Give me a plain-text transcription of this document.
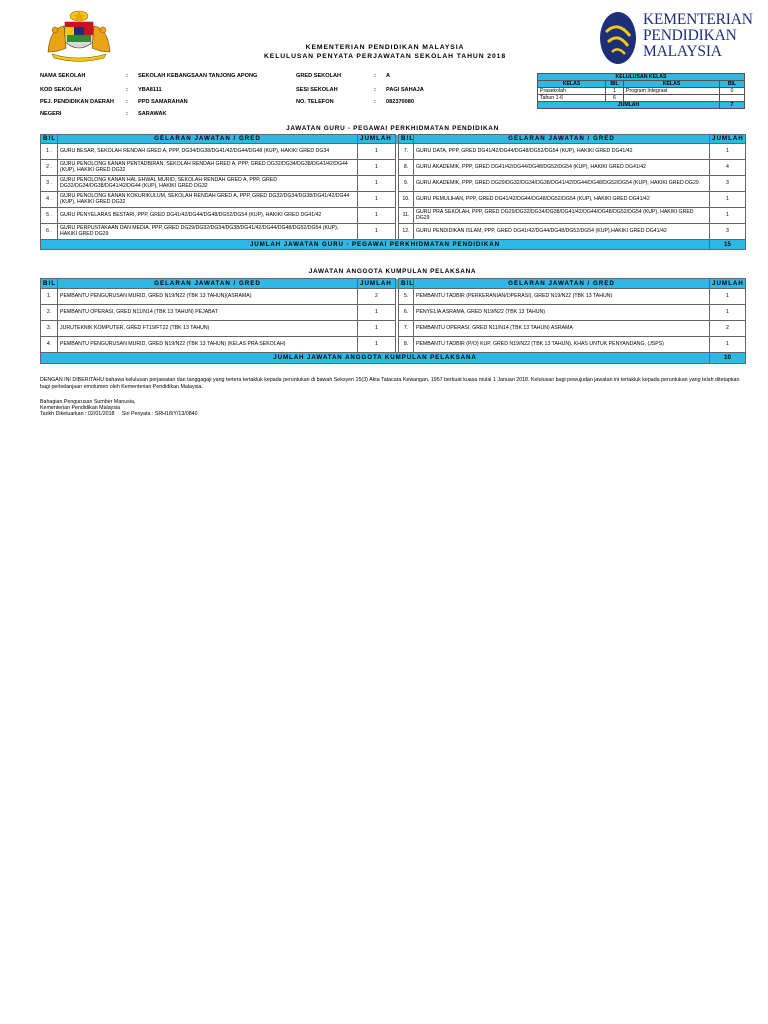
KEMENTERIAN
PENDIDIKAN
MALAYSIA
KEMENTERIAN PENDIDIKAN MALAYSIA
KELULUSAN PENYATA PERJAWATAN SEKOLAH TAHUN 2018
NAMA SEKOLAH	: SEKOLAH KEBANGSAAN TANJONG APONG
KOD SEKOLAH	: YBA8111
PEJ. PENDIDIKAN DAERAH : PPD SAMARAHAN
NEGERI	: SARAWAK
GRED SEKOLAH	: A
SESI SEKOLAH	: PAGI SAHAJA
NO. TELEFON	: 082370080
KELULUSAN KELAS			
KELAS	BIL	KELAS	BIL
Prasekolah	1	Program Integrasi	0
Tahun 1-6	6		
JUMLAH			7
JAWATAN GURU - PEGAWAI PERKHIDMATAN PENDIDIKAN
BIL	GELARAN JAWATAN / GRED	JUMLAH		BIL	GELARAN JAWATAN / GRED	JUMLAH
1 .	GURU BESAR, SEKOLAH RENDAH GRED A, PPP, DG34/DG38/DG41/42/DG44/DG48 (KUP), HAKIKI GRED DG34	1		7.	GURU DATA, PPP, GRED DG41/42/DG44/DG48/DG52/DG54 (KUP), HAKIKI GRED DG41/42	1
2 .	GURU PENOLONG KANAN PENTADBIRAN, SEKOLAH RENDAH GRED A, PPP, GRED DG32/DG34/DG38/DG41/42/DG44 (KUP), HAKIKI GRED DG32	1		8.	GURU AKADEMIK, PPP, GRED DG41/42/DG44/DG48/DG52/DG54 (KUP), HAKIKI GRED DG41/42	4
3 .	GURU PENOLONG KANAN HAL EHWAL MURID, SEKOLAH RENDAH GRED A, PPP, GRED DG32/DG34/DG38/DG41/42/DG44 (KUP), HAKIKI GRED DG32	1		9.	GURU AKADEMIK, PPP, GRED DG29/DG32/DG34/DG38/DG41/42/DG44/DG48/DG52/DG54 (KUP), HAKIKI GRED DG29	3
4 .	GURU PENOLONG KANAN KOKURIKULUM, SEKOLAH RENDAH GRED A, PPP, GRED DG32/DG34/DG38/DG41/42/DG44 (KUP), HAKIKI GRED DG32	1		10.	GURU PEMULIHAN, PPP, GRED DG41/42/DG44/DG48/DG52/DG54 (KUP), HAKIKI GRED DG41/42	1
5 .	GURU PENYELARAS BESTARI, PPP, GRED DG41/42/DG44/DG48/DG52/DG54 (KUP), HAKIKI GRED DG41/42	1		11.	GURU PRA SEKOLAH, PPP, GRED DG29/DG32/DG34/DG38/DG41/42/DG44/DG48/DG52/DG54 (KUP), HAKIKI GRED DG29	1
6 .	GURU PERPUSTAKAAN DAN MEDIA, PPP, GRED DG29/DG32/DG34/DG38/DG41/42/DG44/DG48/DG52/DG54 (KUP), HAKIKI GRED DG29	1		12.	GURU PENDIDIKAN ISLAM, PPP, GRED DG41/42/DG44/DG48/DG52/DG54 (KUP),HAKIKI GRED DG41/42	3
JUMLAH JAWATAN GURU - PEGAWAI PERKHIDMATAN PENDIDIKAN						15
JAWATAN ANGGOTA KUMPULAN PELAKSANA
BIL	GELARAN JAWATAN / GRED	JUMLAH		BIL	GELARAN JAWATAN / GRED	JUMLAH
1.	PEMBANTU PENGURUSAN MURID, GRED N19/N22 (TBK 13 TAHUN)(ASRAMA)	2		5.	PEMBANTU TADBIR (PERKERANIAN/OPERASI), GRED N19/N22 (TBK 13 TAHUN)	1
2.	PEMBANTU OPERASI, GRED N11/N14 (TBK 13 TAHUN) PEJABAT	1		6.	PENYELIA ASRAMA, GRED N19/N22 (TBK 13 TAHUN)	1
3.	JURUTEKNIK KOMPUTER, GRED FT19/FT22 (TBK 13 TAHUN)	1		7.	PEMBANTU OPERASI, GRED N11/N14 (TBK 13 TAHUN) ASRAMA	2
4.	PEMBANTU PENGURUSAN MURID, GRED N19/N22 (TBK 13 TAHUN) (KELAS PRA SEKOLAH)	1		8.	PEMBANTU TADBIR (P/O) KUP, GRED N19/N22 (TBK 13 TAHUN), KHAS UNTUK PENYANDANG, (JSPS)	1
JUMLAH JAWATAN ANGGOTA KUMPULAN PELAKSANA						10
DENGAN INI DIBERITAHU bahawa kelulusan perjawatan dan tanggagaji yang tertera tertakluk kepada peruntukan di bawah Seksyen 15(3) Akta Tatacara Kewangan, 1957 berkuat kuasa mulai 1 Januari 2018. Kelulusan bagi pewujudan jawatan ini tertakluk kepada peruntukan yang telah ditetapkan bagi perbelanjaan emolumen oleh Kementerian Pendidikan Malaysia.
Bahagian Pengurusan Sumber Manusia,
Kementerian Pendidikan Malaysia
Tarikh Dikeluarkan : 02/01/2018     Siri Penyata : SRH18/Y/13/0840
